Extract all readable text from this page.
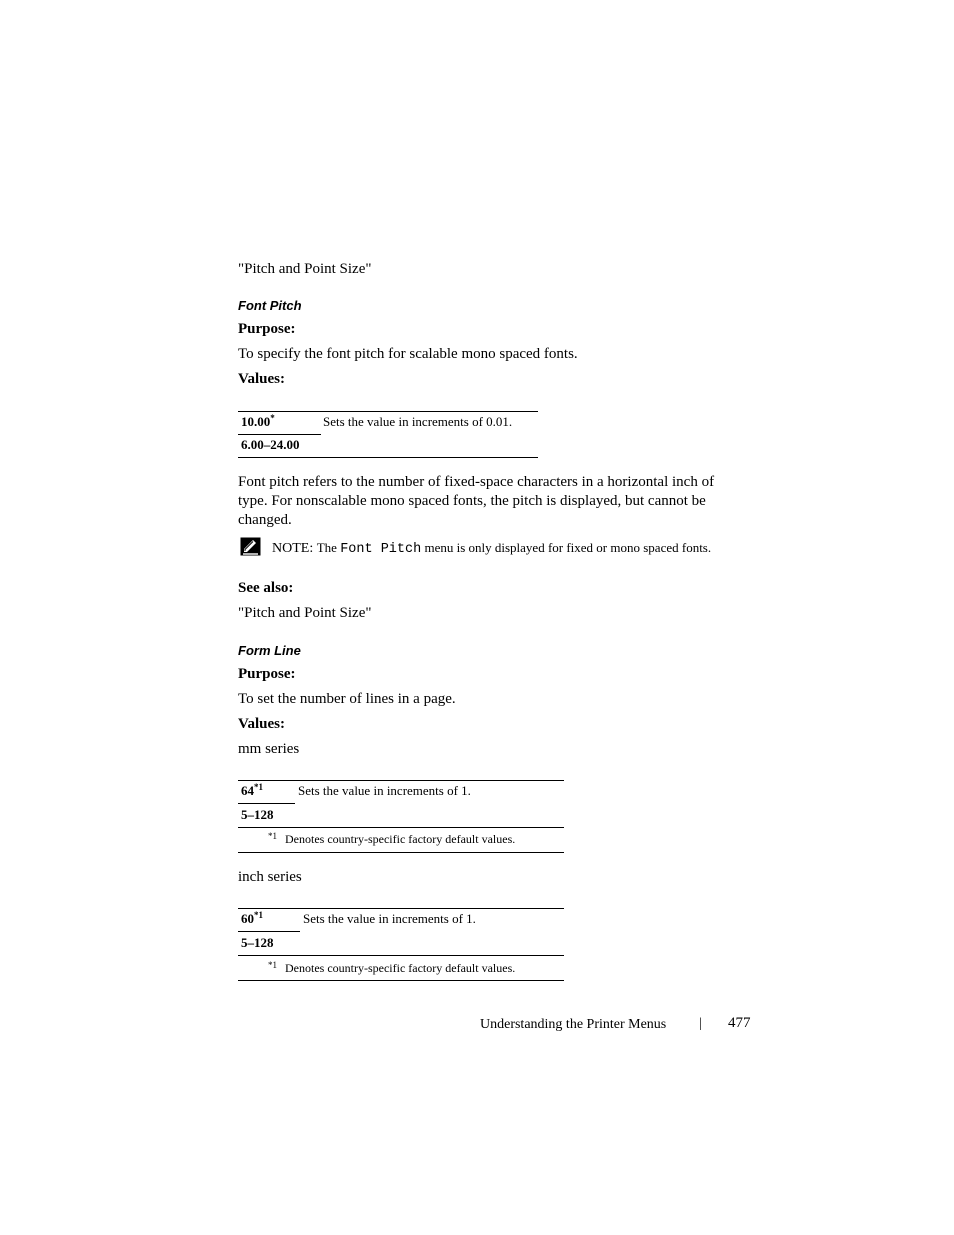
"Pitch and Point Size"
Font Pitch
Purpose:
To specify the font pitch for scalable mono spaced fonts.
Values:
10.00*	Sets the value in increments of 0.01.
6.00–24.00
Font pitch refers to the number of fixed-space characters in a horizontal inch of type. For nonscalable mono spaced fonts, the pitch is displayed, but cannot be changed.
NOTE: The Font Pitch menu is only displayed for fixed or mono spaced fonts.
See also:
"Pitch and Point Size"
Form Line
Purpose:
To set the number of lines in a page.
Values:
mm series
64$^{*1}$	Sets the value in increments of 1.
5–128
$^{*1}$ Denotes country-specific factory default values.
inch series
60$^{*1}$	Sets the value in increments of 1.
5–128
$^{*1}$ Denotes country-specific factory default values.
Understanding the Printer Menus | 477
